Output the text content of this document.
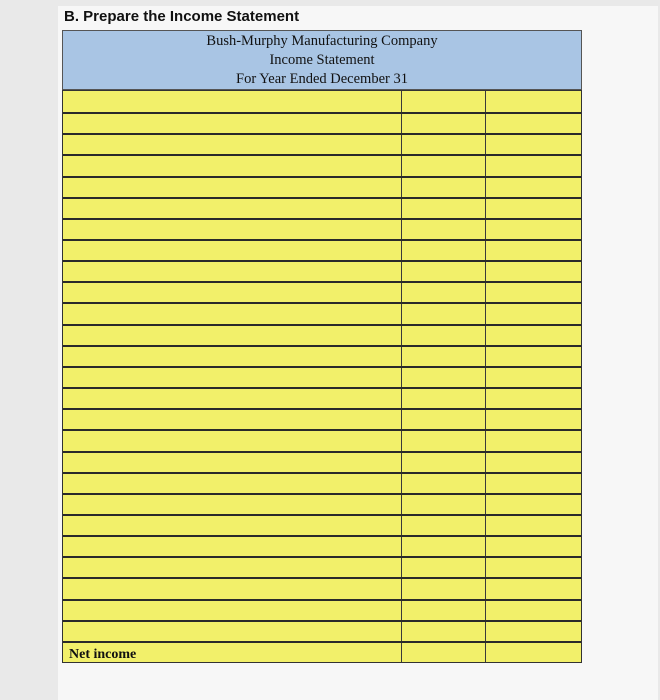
B. Prepare the Income Statement
Bush-Murphy Manufacturing Company
Income Statement
For Year Ended December 31
Net income
